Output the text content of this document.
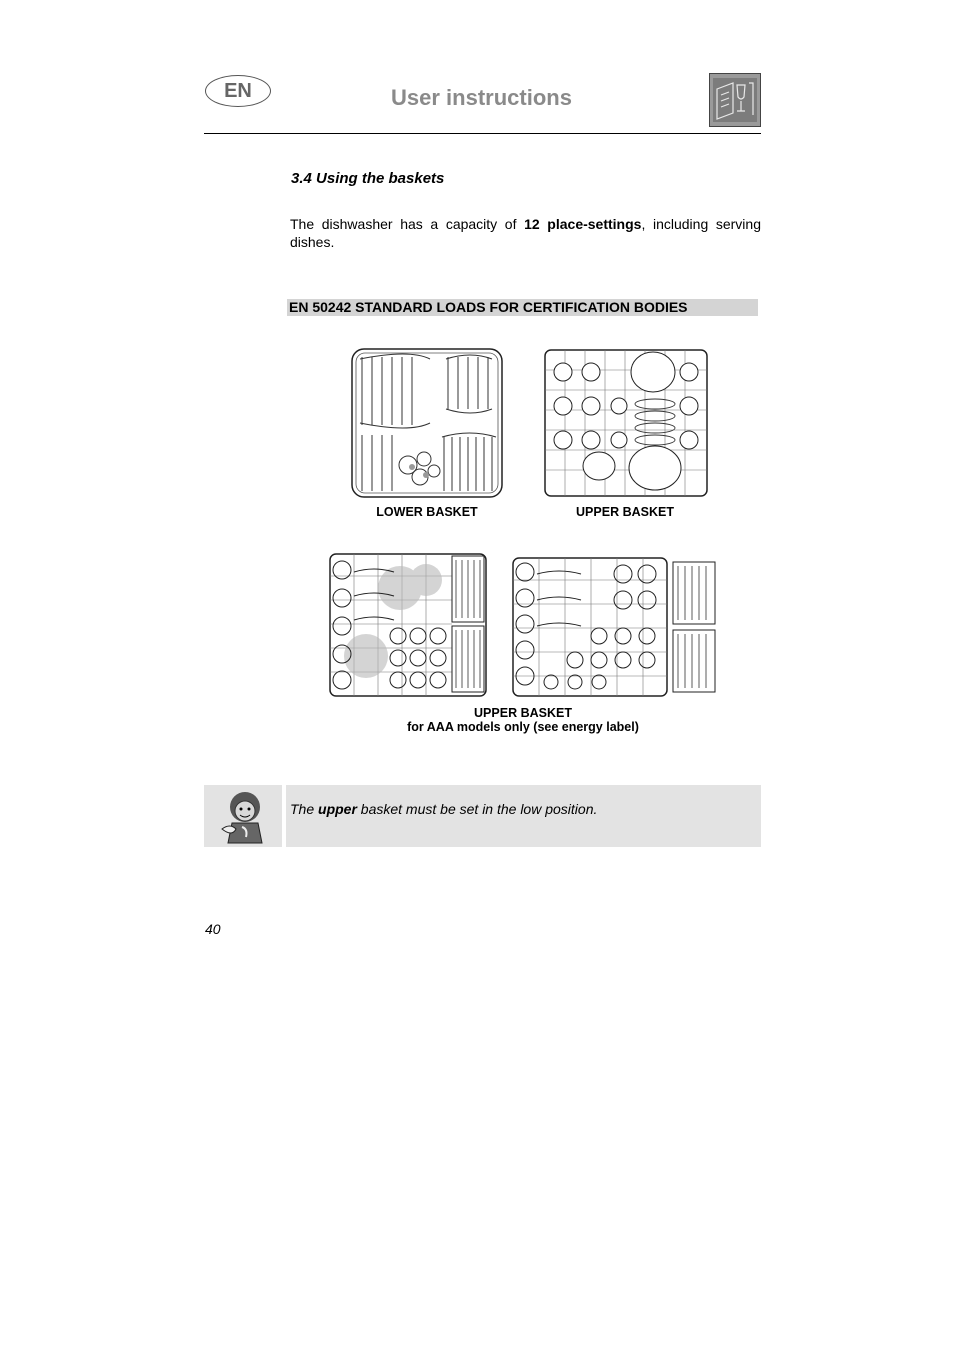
EN	User instructions
3.4 Using the baskets
The dishwasher has a capacity of 12 place-settings, including serving dishes.
EN 50242 STANDARD LOADS FOR CERTIFICATION BODIES
LOWER BASKET	UPPER BASKET
UPPER BASKET
for AAA models only (see energy label)
The upper basket must be set in the low position.
40
